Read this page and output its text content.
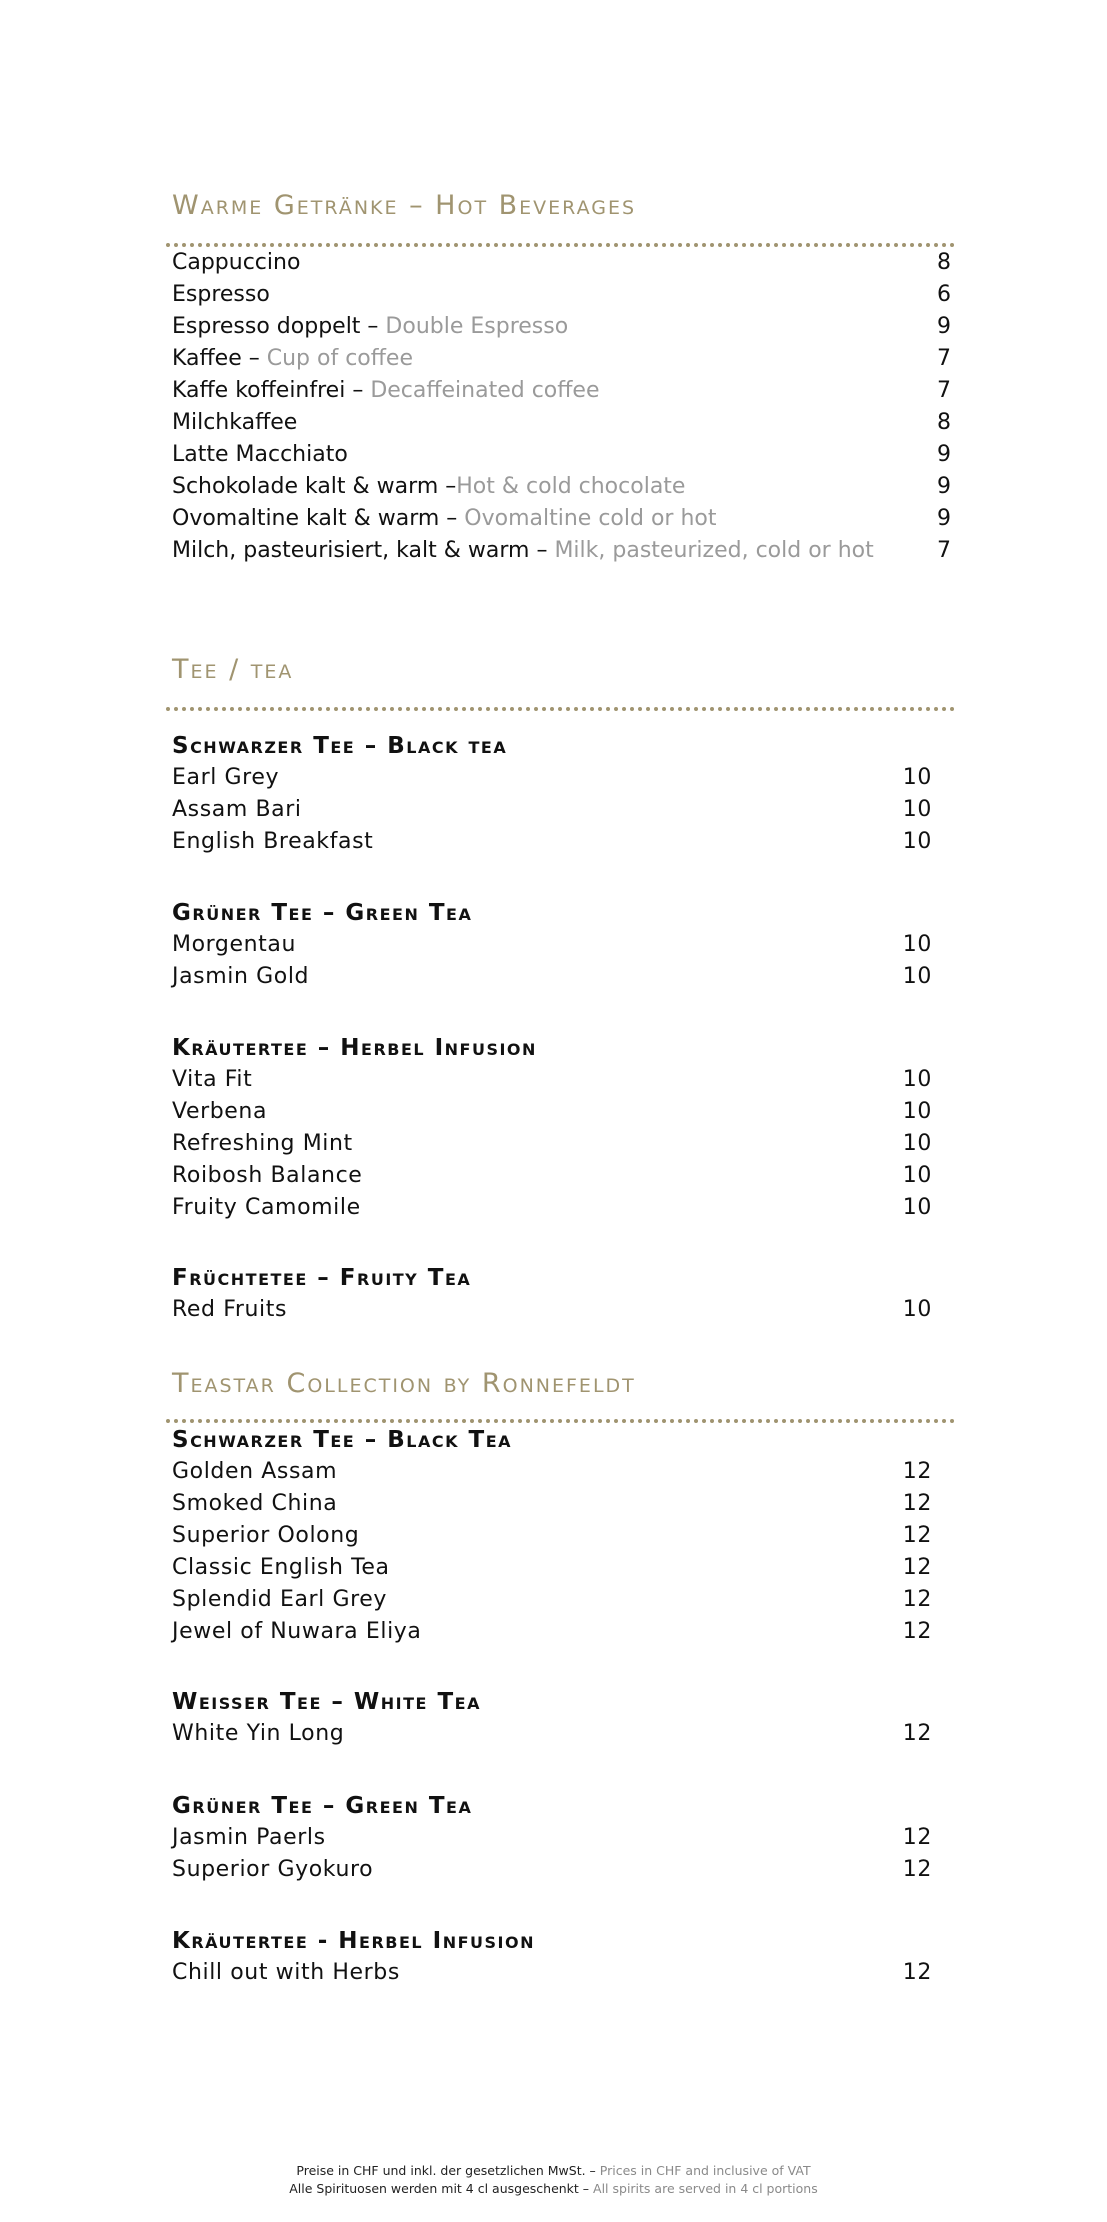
Warme Getränke – Hot Beverages
Cappuccino	8
Espresso	6
Espresso doppelt – Double Espresso	9
Kaffee – Cup of coffee	7
Kaffe koffeinfrei – Decaffeinated coffee	7
Milchkaffee	8
Latte Macchiato	9
Schokolade kalt & warm –Hot & cold chocolate	9
Ovomaltine kalt & warm – Ovomaltine cold or hot	9
Milch, pasteurisiert, kalt & warm – Milk, pasteurized, cold or hot	7
Tee / tea
Schwarzer Tee – Black tea
Earl Grey	10
Assam Bari	10
English Breakfast	10
Grüner Tee – Green Tea
Morgentau	10
Jasmin Gold	10
Kräutertee – Herbel Infusion
Vita Fit	10
Verbena	10
Refreshing Mint	10
Roibosh Balance	10
Fruity Camomile	10
Früchtetee – Fruity Tea
Red Fruits	10
Teastar Collection by Ronnefeldt
Schwarzer Tee – Black Tea
Golden Assam	12
Smoked China	12
Superior Oolong	12
Classic English Tea	12
Splendid Earl Grey	12
Jewel of Nuwara Eliya	12
Weisser Tee – White Tea
White Yin Long	12
Grüner Tee – Green Tea
Jasmin Paerls	12
Superior Gyokuro	12
Kräutertee - Herbel Infusion
Chill out with Herbs	12
Preise in CHF und inkl. der gesetzlichen MwSt. – Prices in CHF and inclusive of VAT
Alle Spirituosen werden mit 4 cl ausgeschenkt – All spirits are served in 4 cl portions
